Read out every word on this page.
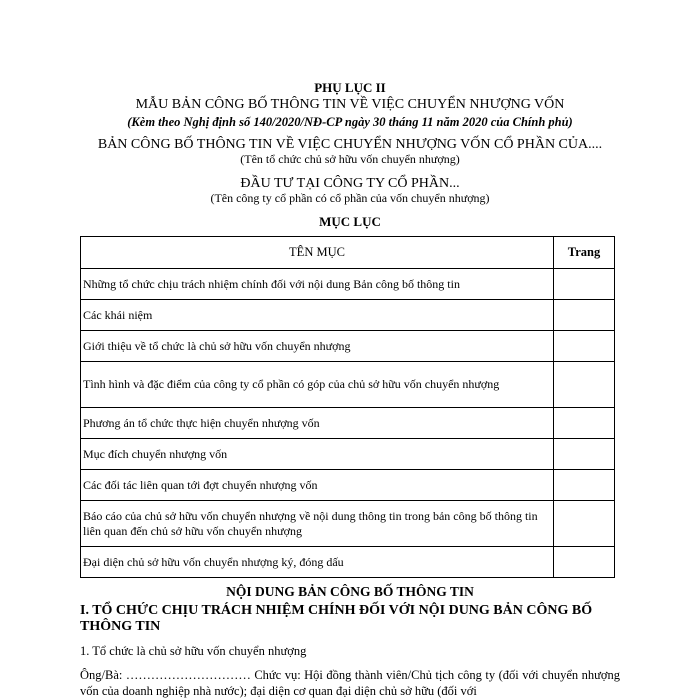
PHỤ LỤC II
MẪU BẢN CÔNG BỐ THÔNG TIN VỀ VIỆC CHUYỂN NHƯỢNG VỐN
(Kèm theo Nghị định số 140/2020/NĐ-CP ngày 30 tháng 11 năm 2020 của Chính phủ)
BẢN CÔNG BỐ THÔNG TIN VỀ VIỆC CHUYỂN NHƯỢNG VỐN CỔ PHẦN CỦA....
(Tên tổ chức chủ sở hữu vốn chuyển nhượng)
ĐẦU TƯ TẠI CÔNG TY CỔ PHẦN...
(Tên công ty cổ phần có cổ phần của vốn chuyển nhượng)
MỤC LỤC
TÊN MỤC	Trang
Những tổ chức chịu trách nhiệm chính đối với nội dung Bản công bố thông tin	
Các khái niệm	
Giới thiệu về tổ chức là chủ sở hữu vốn chuyển nhượng	
Tình hình và đặc điểm của công ty cổ phần có góp của chủ sở hữu vốn chuyển nhượng	
Phương án tổ chức thực hiện chuyển nhượng vốn	
Mục đích chuyển nhượng vốn	
Các đối tác liên quan tới đợt chuyển nhượng vốn	
Báo cáo của chủ sở hữu vốn chuyển nhượng về nội dung thông tin trong bản công bố thông tin liên quan đến chủ sở hữu vốn chuyển nhượng	
Đại diện chủ sở hữu vốn chuyển nhượng ký, đóng dấu	
NỘI DUNG BẢN CÔNG BỐ THÔNG TIN
I. TỔ CHỨC CHỊU TRÁCH NHIỆM CHÍNH ĐỐI VỚI NỘI DUNG BẢN CÔNG BỐ THÔNG TIN
1. Tổ chức là chủ sở hữu vốn chuyển nhượng
Ông/Bà: ………………………… Chức vụ: Hội đồng thành viên/Chủ tịch công ty (đối với chuyển nhượng vốn của doanh nghiệp nhà nước); đại diện cơ quan đại diện chủ sở hữu (đối với
